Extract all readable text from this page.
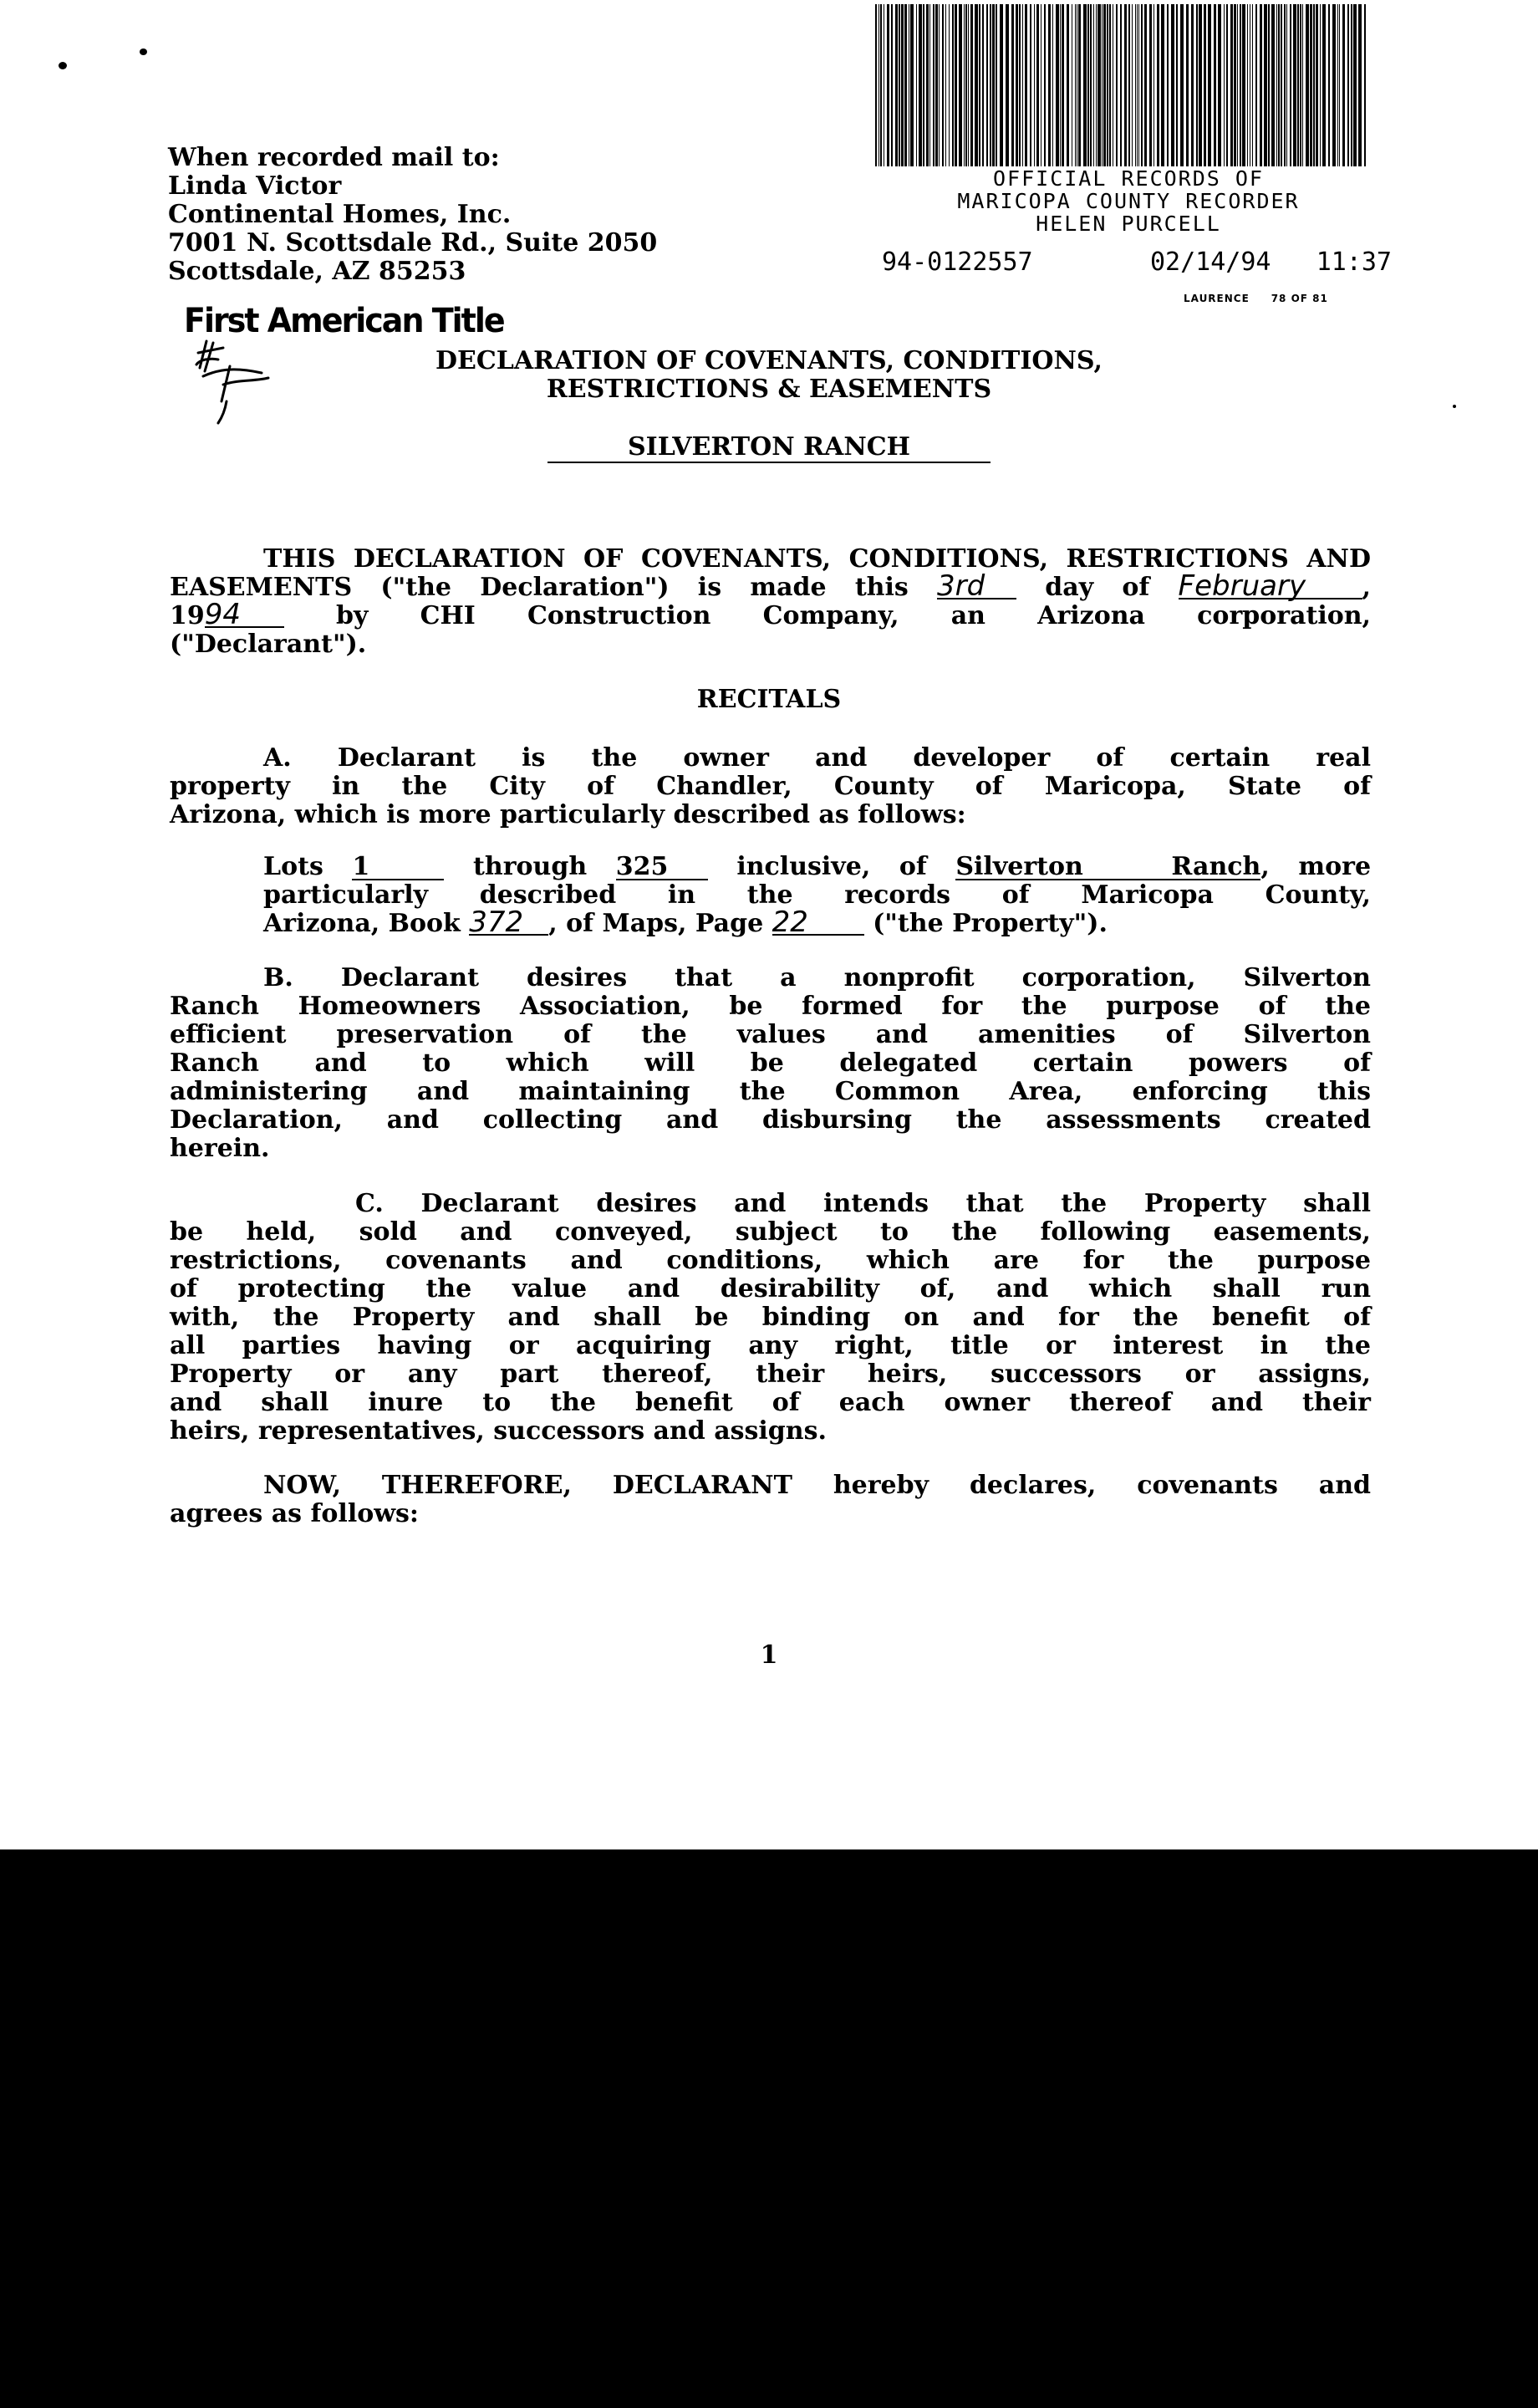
When recorded mail to:
Linda Victor
Continental Homes, Inc.
7001 N. Scottsdale Rd., Suite 2050
Scottsdale, AZ 85253
OFFICIAL RECORDS OF
MARICOPA COUNTY RECORDER
HELEN PURCELL
94-0122557	02/14/94 11:37
LAURENCE 78 OF 81
First American Title
DECLARATION OF COVENANTS, CONDITIONS,
RESTRICTIONS & EASEMENTS
SILVERTON RANCH
THIS DECLARATION OF COVENANTS, CONDITIONS, RESTRICTIONS AND
EASEMENTS ("the Declaration") is made this 3rd day of February ,
1994	by CHI Construction Company, an Arizona corporation,
("Declarant").
RECITALS
A. Declarant is the owner and developer of certain real
property in the City of Chandler, County of Maricopa, State of
Arizona, which is more particularly described as follows:
Lots 1	through 325	inclusive, of Silverton Ranch, more
particularly described in the records of Maricopa County,
Arizona, Book 372 , of Maps, Page 22	("the Property").
B. Declarant desires that a nonprofit corporation, Silverton
Ranch Homeowners Association, be formed for the purpose of the
efficient preservation of the values and amenities of Silverton
Ranch and to which will be delegated certain powers of
administering and maintaining the Common Area, enforcing this
Declaration, and collecting and disbursing the assessments created
herein.
C. Declarant desires and intends that the Property shall
be held, sold and conveyed, subject to the following easements,
restrictions, covenants and conditions, which are for the purpose
of protecting the value and desirability of, and which shall run
with, the Property and shall be binding on and for the benefit of
all parties having or acquiring any right, title or interest in the
Property or any part thereof, their heirs, successors or assigns,
and shall inure to the benefit of each owner thereof and their
heirs, representatives, successors and assigns.
NOW, THEREFORE, DECLARANT hereby declares, covenants and
agrees as follows:
1
